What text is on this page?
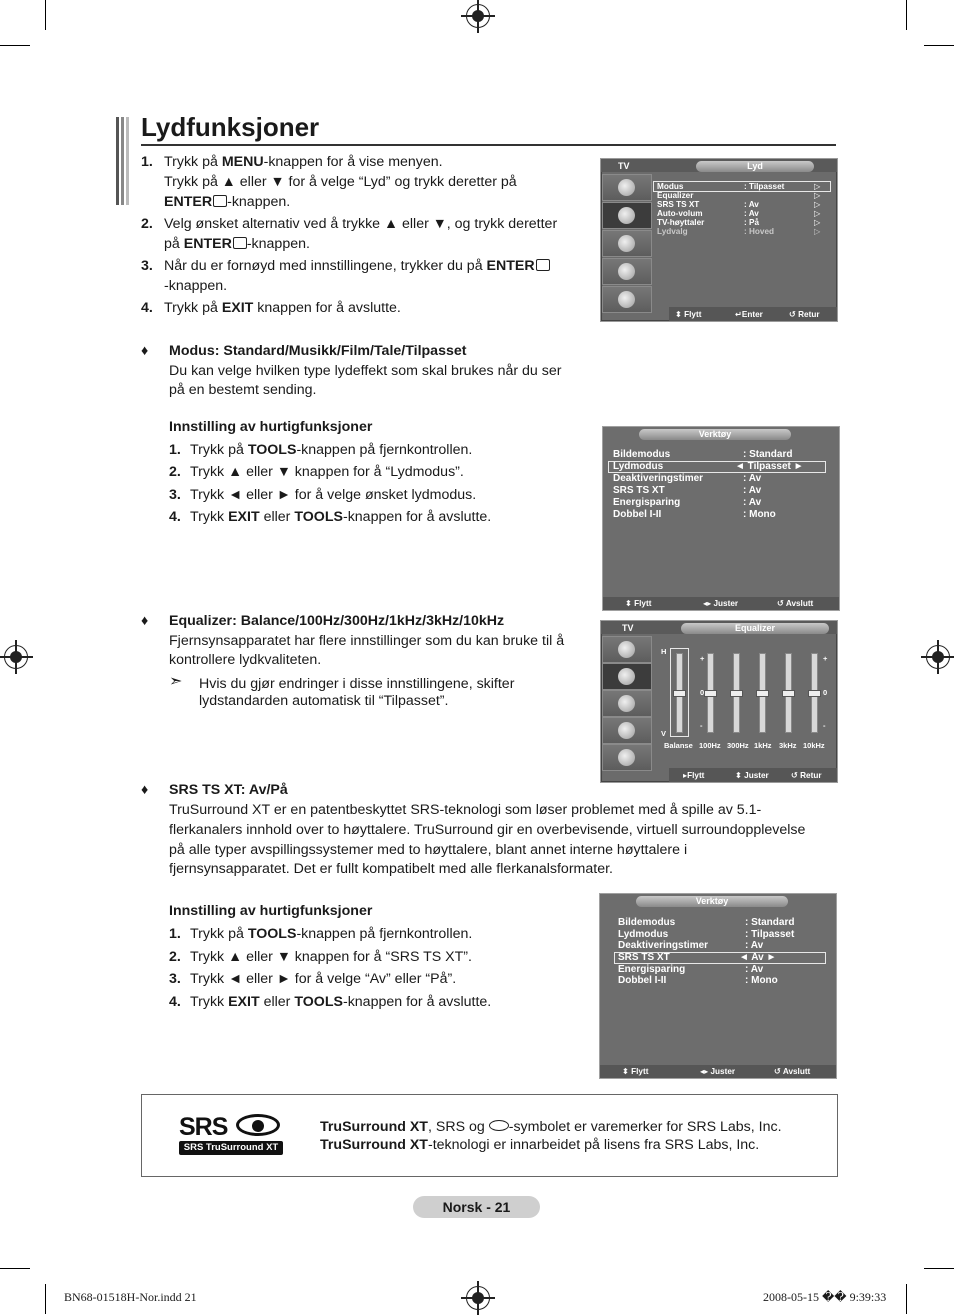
Lydfunksjoner
1. Trykk på MENU-knappen for å vise menyen.
Trykk på ▲ eller ▼ for å velge “Lyd” og trykk deretter på
ENTER -knappen.
2. Velg ønsket alternativ ved å trykke ▲ eller ▼, og trykk deretter
på ENTER -knappen.
3. Når du er fornøyd med innstillingene, trykker du på ENTER
-knappen.
4. Trykk på EXIT knappen for å avslutte.
♦ Modus: Standard/Musikk/Film/Tale/Tilpasset
Du kan velge hvilken type lydeffekt som skal brukes når du ser
på en bestemt sending.
Innstilling av hurtigfunksjoner
1. Trykk på TOOLS-knappen på fjernkontrollen.
2. Trykk ▲ eller ▼ knappen for å “Lydmodus”.
3. Trykk ◄ eller ► for å velge ønsket lydmodus.
4. Trykk EXIT eller TOOLS-knappen for å avslutte.
♦ Equalizer: Balance/100Hz/300Hz/1kHz/3kHz/10kHz
Fjernsynsapparatet har flere innstillinger som du kan bruke til å
kontrollere lydkvaliteten.
➣ Hvis du gjør endringer i disse innstillingene, skifter
lydstandarden automatisk til “Tilpasset”.
♦ SRS TS XT: Av/På
TruSurround XT er en patentbeskyttet SRS-teknologi som løser problemet med å spille av 5.1-
flerkanalers innhold over to høyttalere. TruSurround gir en overbevisende, virtuell surroundopplevelse
på alle typer avspillingssystemer med to høyttalere, blant annet interne høyttalere i
fjernsynsapparatet. Det er fullt kompatibelt med alle flerkanalsformater.
Innstilling av hurtigfunksjoner
1. Trykk på TOOLS-knappen på fjernkontrollen.
2. Trykk ▲ eller ▼ knappen for å “SRS TS XT”.
3. Trykk ◄ eller ► for å velge “Av” eller “På”.
4. Trykk EXIT eller TOOLS-knappen for å avslutte.
TV	Lyd
Modus	: Tilpasset	▷
Equalizer	▷
SRS TS XT	: Av	▷
Auto-volum	: Av	▷
TV-høyttaler	: På	▷
Lydvalg	: Hoved	▷
⬍ Flytt	↵Enter	↺ Retur
Verktøy
Bildemodus	: Standard
Lydmodus	◄ Tilpasset ►
Deaktiveringstimer	: Av
SRS TS XT	: Av
Energisparing	: Av
Dobbel I-II	: Mono
⬍ Flytt	◂▸ Juster	↺ Avslutt
TV	Equalizer
H
V
+
0
-
+
0
-
Balanse 100Hz 300Hz 1kHz 3kHz 10kHz
▸Flytt	⬍ Juster	↺ Retur
Verktøy
Bildemodus	: Standard
Lydmodus	: Tilpasset
Deaktiveringstimer	: Av
SRS TS XT	◄ Av ►
Energisparing	: Av
Dobbel I-II	: Mono
⬍ Flytt	◂▸ Juster	↺ Avslutt
SRS
SRS TruSurround XT
TruSurround XT, SRS og -symbolet er varemerker for SRS Labs, Inc.
TruSurround XT-teknologi er innarbeidet på lisens fra SRS Labs, Inc.
Norsk - 21
BN68-01518H-Nor.indd 21	2008-05-15 �� 9:39:33
